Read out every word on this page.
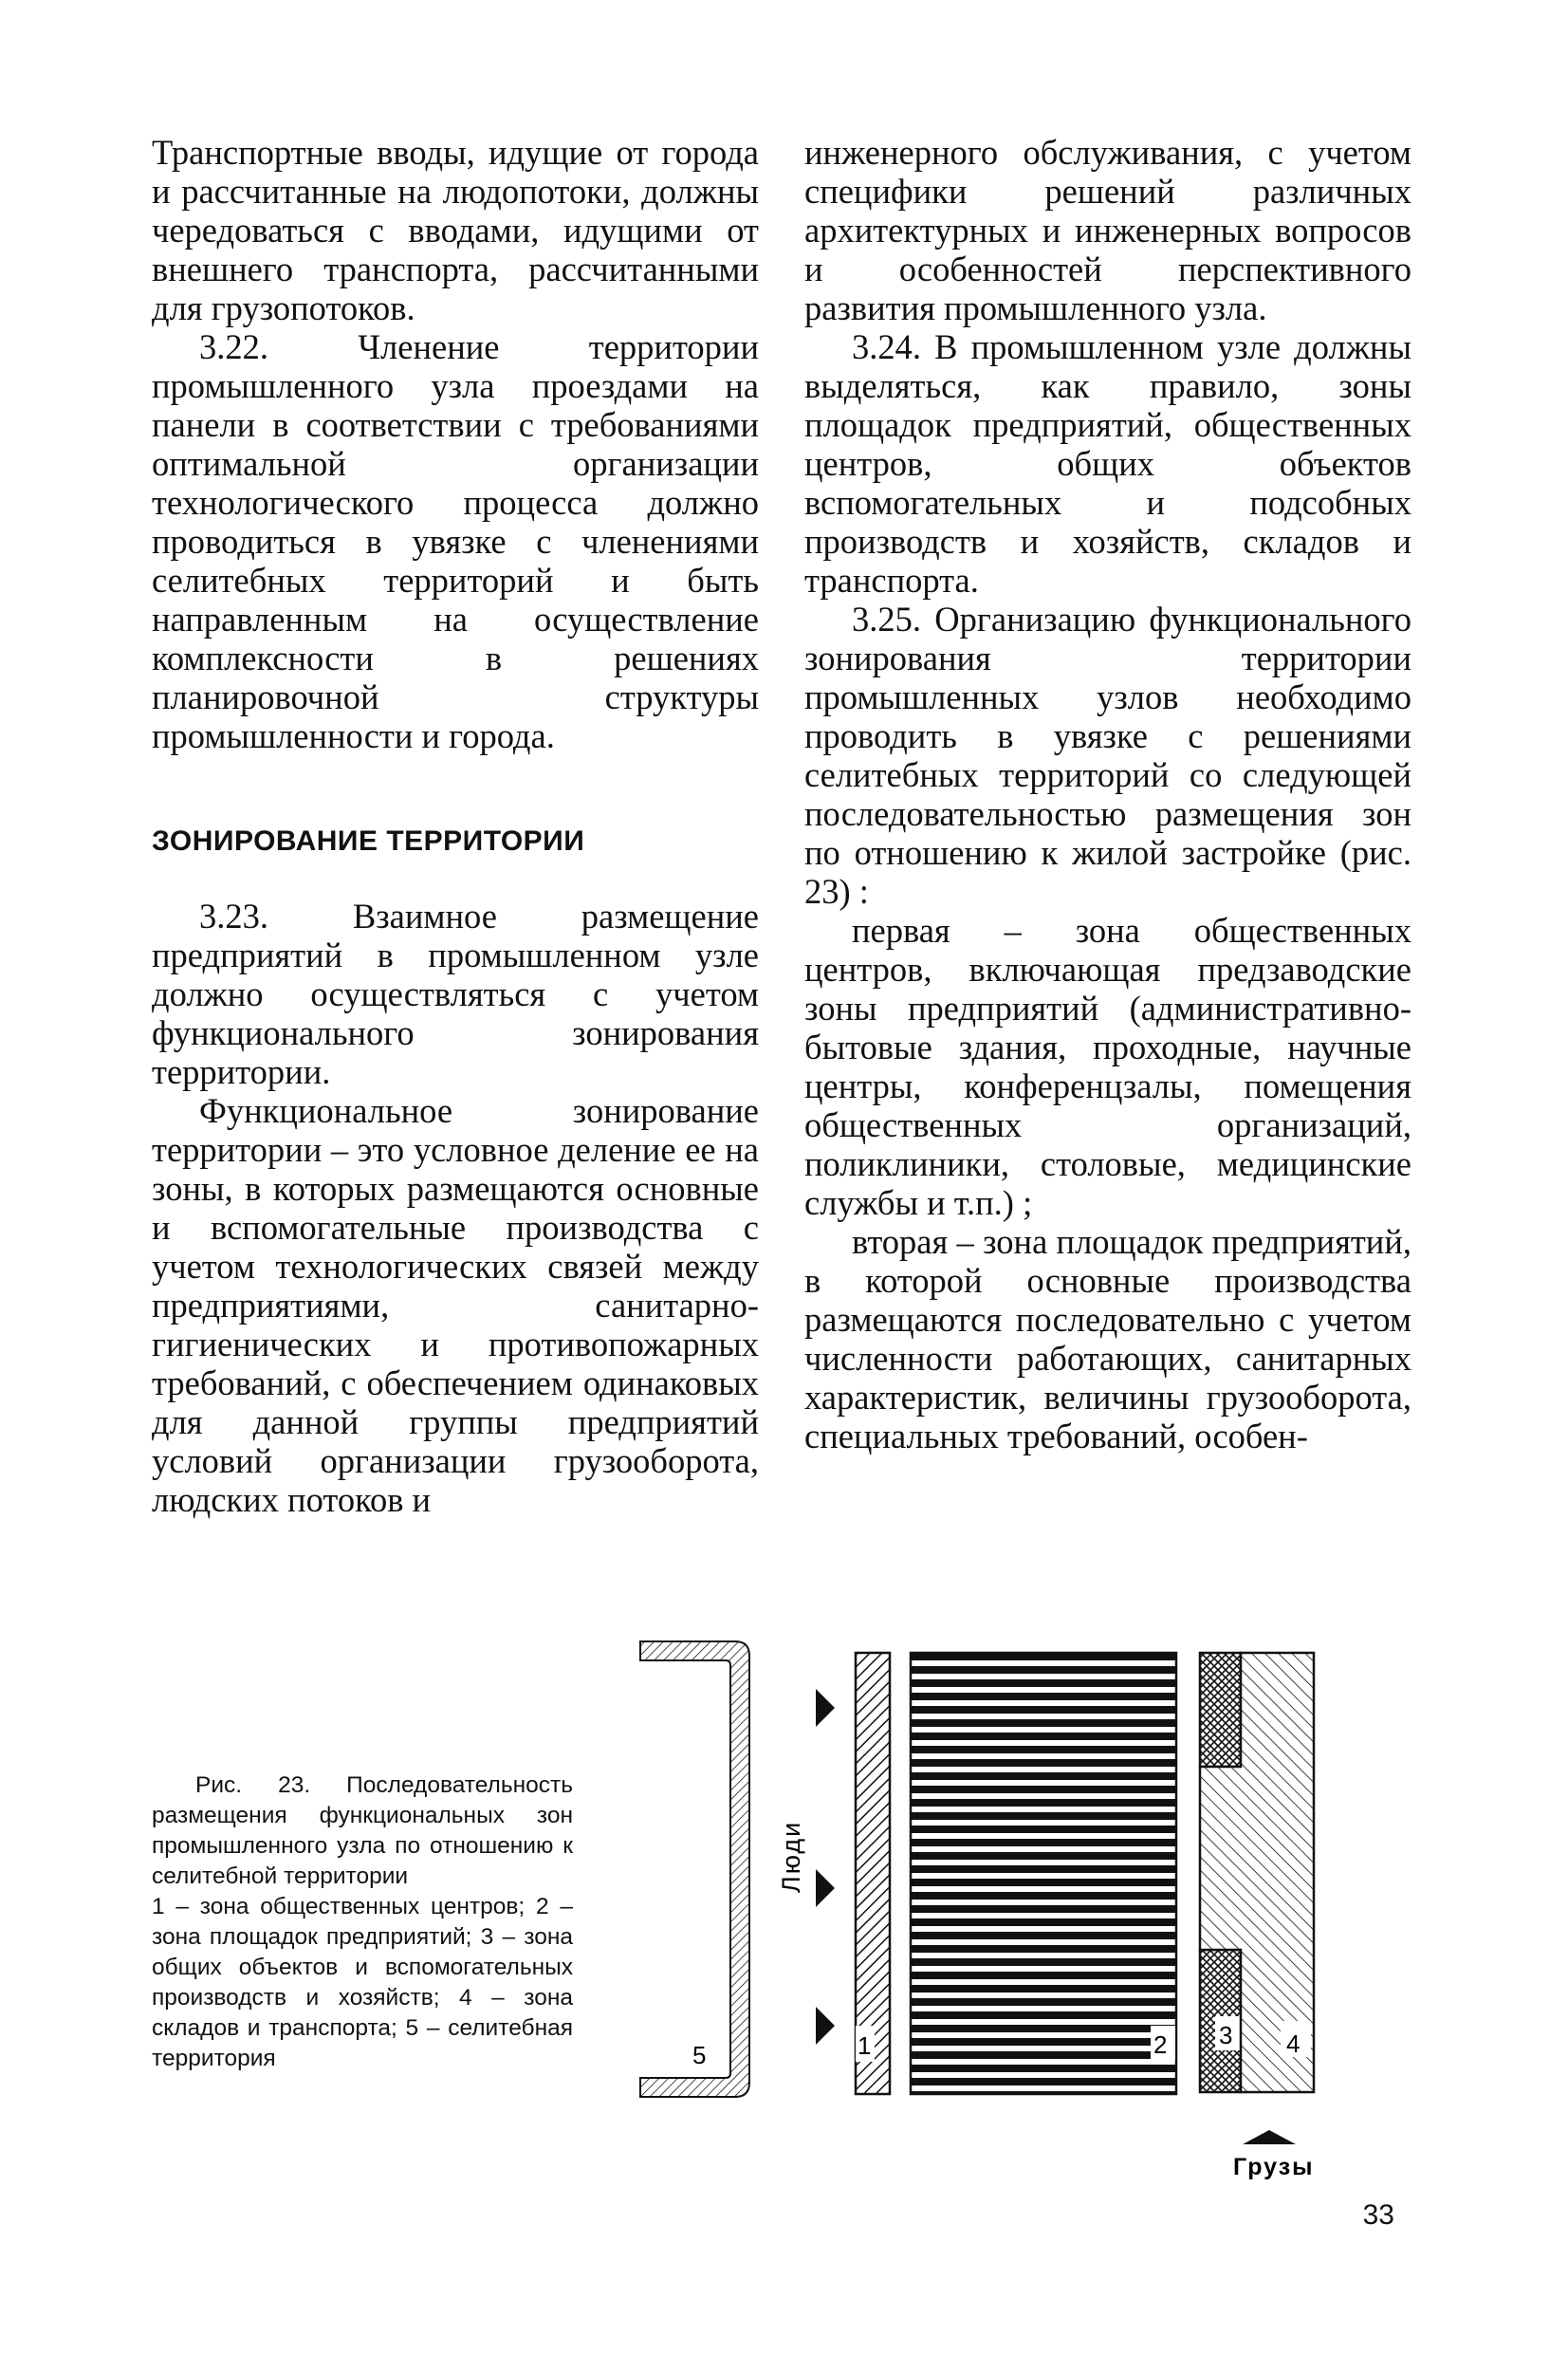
Транспортные вводы, идущие от города и рассчитанные на людопотоки, должны чередоваться с вводами, идущими от внешнего транспорта, рассчитанными для грузопотоков.

3.22. Членение территории промышленного узла проездами на панели в соответствии с требованиями оптимальной организации технологического процесса должно проводиться в увязке с членениями селитебных территорий и быть направленным на осуществление комплексности в решениях планировочной структуры промышленности и города.

ЗОНИРОВАНИЕ ТЕРРИТОРИИ

3.23. Взаимное размещение предприятий в промышленном узле должно осуществляться с учетом функционального зонирования территории.

Функциональное зонирование территории – это условное деление ее на зоны, в которых размещаются основные и вспомогательные производства с учетом технологических связей между предприятиями, санитарно-гигиенических и противопожарных требований, с обеспечением одинаковых для данной группы предприятий условий организации грузооборота, людских потоков и

инженерного обслуживания, с учетом специфики решений различных архитектурных и инженерных вопросов и особенностей перспективного развития промышленного узла.

3.24. В промышленном узле должны выделяться, как правило, зоны площадок предприятий, общественных центров, общих объектов вспомогательных и подсобных производств и хозяйств, складов и транспорта.

3.25. Организацию функционального зонирования территории промышленных узлов необходимо проводить в увязке с решениями селитебных территорий со следующей последовательностью размещения зон по отношению к жилой застройке (рис. 23) :

первая – зона общественных центров, включающая предзаводские зоны предприятий (административно-бытовые здания, проходные, научные центры, конференцзалы, помещения общественных организаций, поликлиники, столовые, медицинские службы и т.п.) ;

вторая – зона площадок предприятий, в которой основные производства размещаются последовательно с учетом численности работающих, санитарных характеристик, величины грузооборота, специальных требований, особен-

Рис. 23. Последовательность размещения функциональных зон промышленного узла по отношению к селитебной территории
1 – зона общественных центров; 2 – зона площадок предприятий; 3 – зона общих объектов и вспомогательных производств и хозяйств; 4 – зона складов и транспорта; 5 – селитебная территория	5
Люди
1	2 3 4
Грузы
33
